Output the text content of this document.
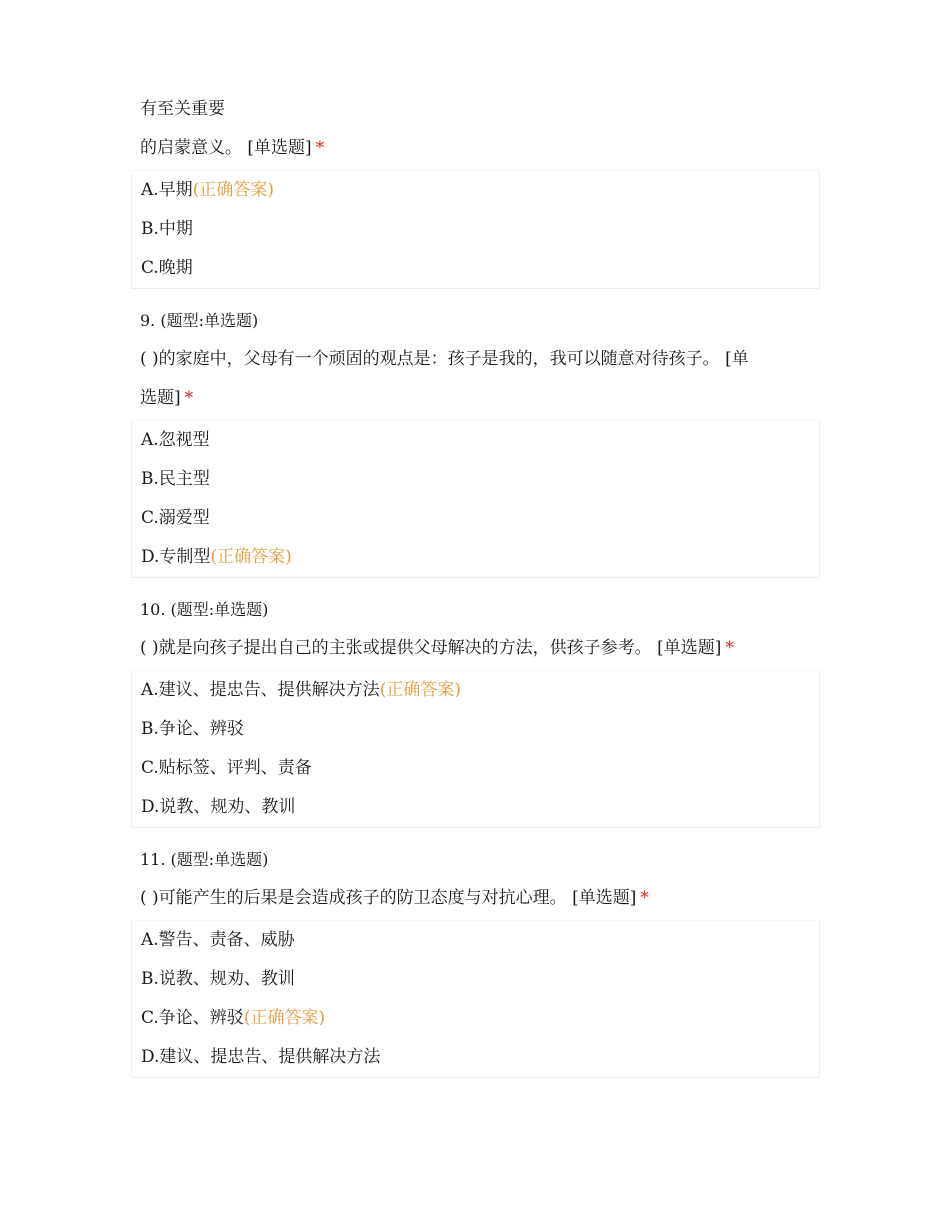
有至关重要

的启蒙意义。 [单选题] *

A.早期(正确答案)

B.中期

C.晚期

9. (题型:单选题)

( )的家庭中，父母有一个顽固的观点是：孩子是我的，我可以随意对待孩子。 [单

选题] *

A.忽视型

B.民主型

C.溺爱型

D.专制型(正确答案)

10. (题型:单选题)

( )就是向孩子提出自己的主张或提供父母解决的方法，供孩子参考。 [单选题] *

A.建议、提忠告、提供解决方法(正确答案)

B.争论、辨驳

C.贴标签、评判、责备

D.说教、规劝、教训

11. (题型:单选题)

( )可能产生的后果是会造成孩子的防卫态度与对抗心理。 [单选题] *

A.警告、责备、威胁

B.说教、规劝、教训

C.争论、辨驳(正确答案)

D.建议、提忠告、提供解决方法
